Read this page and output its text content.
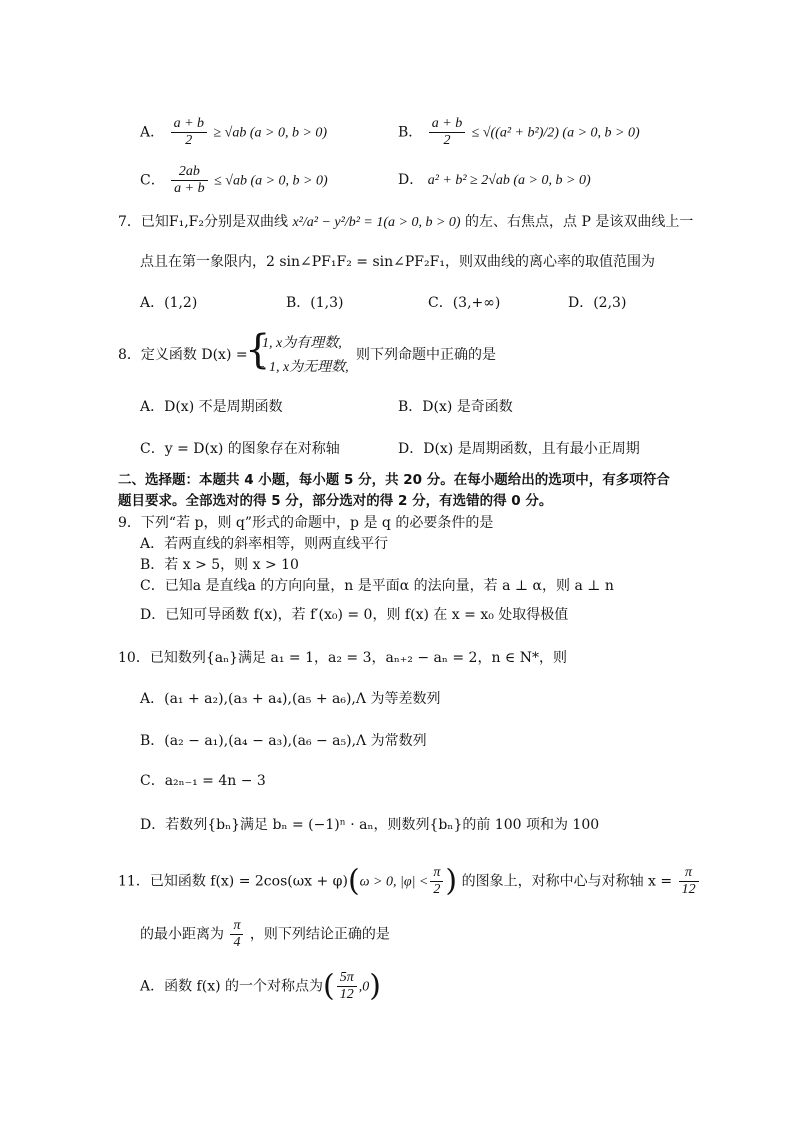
A． $\frac{a + b}{2} \ge √ab$ (a > 0, b > 0)	B． $\frac{a + b}{2} \le √((a^2 + b^2)/2) (a > 0$, b > 0)
C． $\frac{2ab}{a + b} \le √ab$ (a > 0, b > 0)	D． a² + b² ≥ 2√ab (a > 0, b > 0)
7．已知F₁,F₂分别是双曲线 x²/a² − y²/b² = 1(a > 0, b > 0) 的左、右焦点，点 P 是该双曲线上一
点且在第一象限内，2 sin∠PF₁F₂ = sin∠PF₂F₁，则双曲线的离心率的取值范围为
A．(1,2)	B．(1,3)	C．(3,+∞)	D．(2,3)
8．定义函数 D(x) =
{
1, x为有理数,
− 1, x为无理数,
则下列命题中正确的是
A．D(x) 不是周期函数	B．D(x) 是奇函数
C．y = D(x) 的图象存在对称轴	D．D(x) 是周期函数，且有最小正周期
二、选择题：本题共 4 小题，每小题 5 分，共 20 分。在每小题给出的选项中，有多项符合
题目要求。全部选对的得 5 分，部分选对的得 2 分，有选错的得 0 分。
9．下列“若 p，则 q”形式的命题中，p 是 q 的必要条件的是
A．若两直线的斜率相等，则两直线平行
B．若 x > 5，则 x > 10
C．已知a 是直线a 的方向向量，n 是平面α 的法向量，若 a ⊥ α，则 a ⊥ n
D．已知可导函数 f(x)，若 f′(x₀) = 0，则 f(x) 在 x = x₀ 处取得极值
10．已知数列{aₙ}满足 a₁ = 1，a₂ = 3，aₙ₊₂ − aₙ = 2，n ∈ N*，则
A．(a₁ + a₂),(a₃ + a₄),(a₅ + a₆),Λ 为等差数列
B．(a₂ − a₁),(a₄ − a₃),(a₆ − a₅),Λ 为常数列
C．a₂ₙ₋₁ = 4n − 3
D．若数列{bₙ}满足 bₙ = (−1)ⁿ · aₙ，则数列{bₙ}的前 100 项和为 100
11．已知函数 f(x) = 2cos(ωx + φ)(ω > 0, $|\varphi| < \frac{\pi}{2}$ ) 的图象上，对称中心与对称轴 $x = \frac{\pi}{12}$
的最小距离为 $\frac{\pi}{4}$ ，则下列结论正确的是
A．函数 f(x) 的一个对称点为( $\frac{5\pi}{12} ,0$)
